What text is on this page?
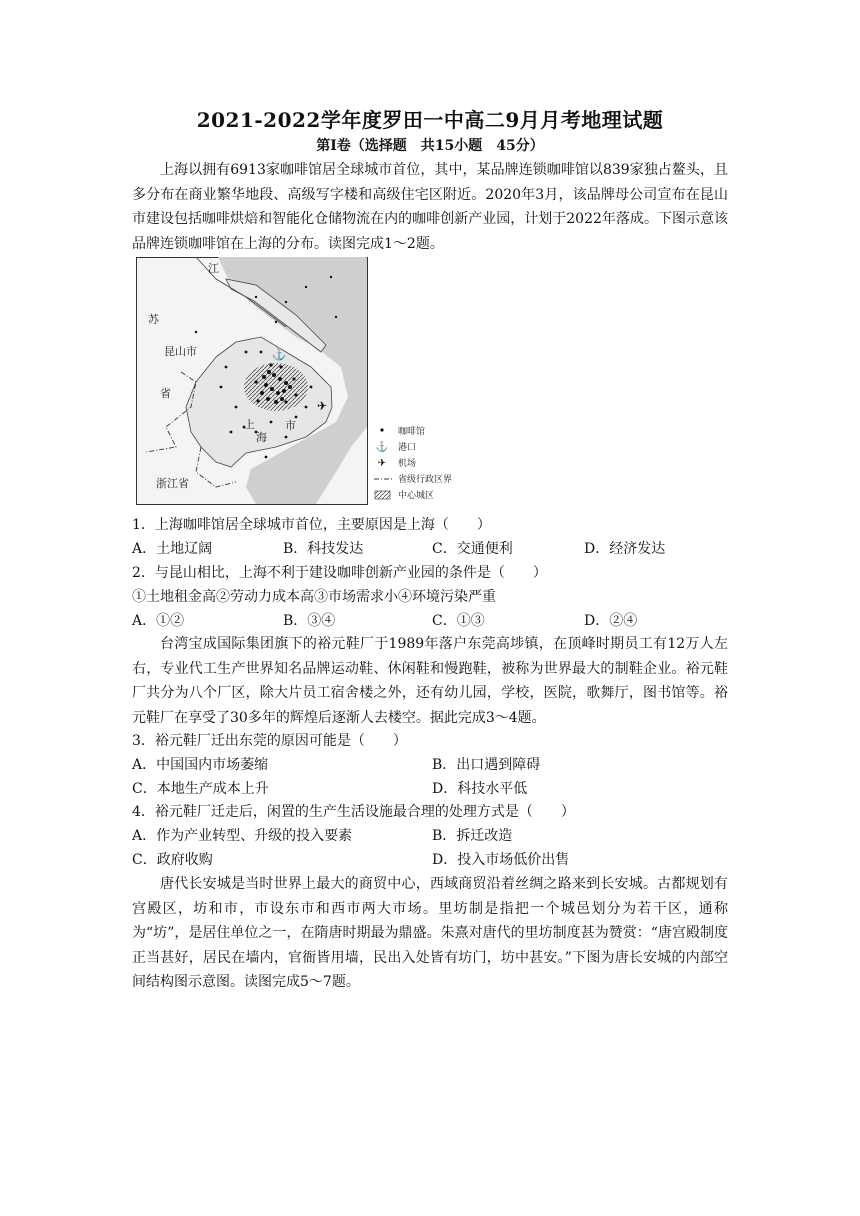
2021-2022学年度罗田一中高二9月月考地理试题
第Ⅰ卷（选择题　共15小题　45分）
上海以拥有6913家咖啡馆居全球城市首位，其中，某品牌连锁咖啡馆以839家独占鳌头，且多分布在商业繁华地段、高级写字楼和高级住宅区附近。2020年3月，该品牌母公司宣布在昆山市建设包括咖啡烘焙和智能化仓储物流在内的咖啡创新产业园，计划于2022年落成。下图示意该品牌连锁咖啡馆在上海的分布。读图完成1～2题。
⚓
✈
江
苏
昆山市
省
上
海
市
浙江省
咖啡馆
⚓ 港口
✈ 机场
省级行政区界
中心城区
1．上海咖啡馆居全球城市首位，主要原因是上海（　　）
A．土地辽阔	B．科技发达	C．交通便利	D．经济发达
2．与昆山相比，上海不利于建设咖啡创新产业园的条件是（　　）
①土地租金高②劳动力成本高③市场需求小④环境污染严重
A．①②	B．③④	C．①③	D．②④
台湾宝成国际集团旗下的裕元鞋厂于1989年落户东莞高埗镇，在顶峰时期员工有12万人左右，专业代工生产世界知名品牌运动鞋、休闲鞋和慢跑鞋，被称为世界最大的制鞋企业。裕元鞋厂共分为八个厂区，除大片员工宿舍楼之外，还有幼儿园，学校，医院，歌舞厅，图书馆等。裕元鞋厂在享受了30多年的辉煌后逐渐人去楼空。据此完成3～4题。
3．裕元鞋厂迁出东莞的原因可能是（　　）
A．中国国内市场萎缩	B．出口遇到障碍
C．本地生产成本上升	D．科技水平低
4．裕元鞋厂迁走后，闲置的生产生活设施最合理的处理方式是（　　）
A．作为产业转型、升级的投入要素	B．拆迁改造
C．政府收购	D．投入市场低价出售
唐代长安城是当时世界上最大的商贸中心，西域商贸沿着丝绸之路来到长安城。古都规划有宫殿区，坊和市，市设东市和西市两大市场。里坊制是指把一个城邑划分为若干区，通称为“坊”，是居住单位之一，在隋唐时期最为鼎盛。朱熹对唐代的里坊制度甚为赞赏：“唐宫殿制度正当甚好，居民在墙内，官衙皆用墙，民出入处皆有坊门，坊中甚安。”下图为唐长安城的内部空间结构图示意图。读图完成5～7题。
